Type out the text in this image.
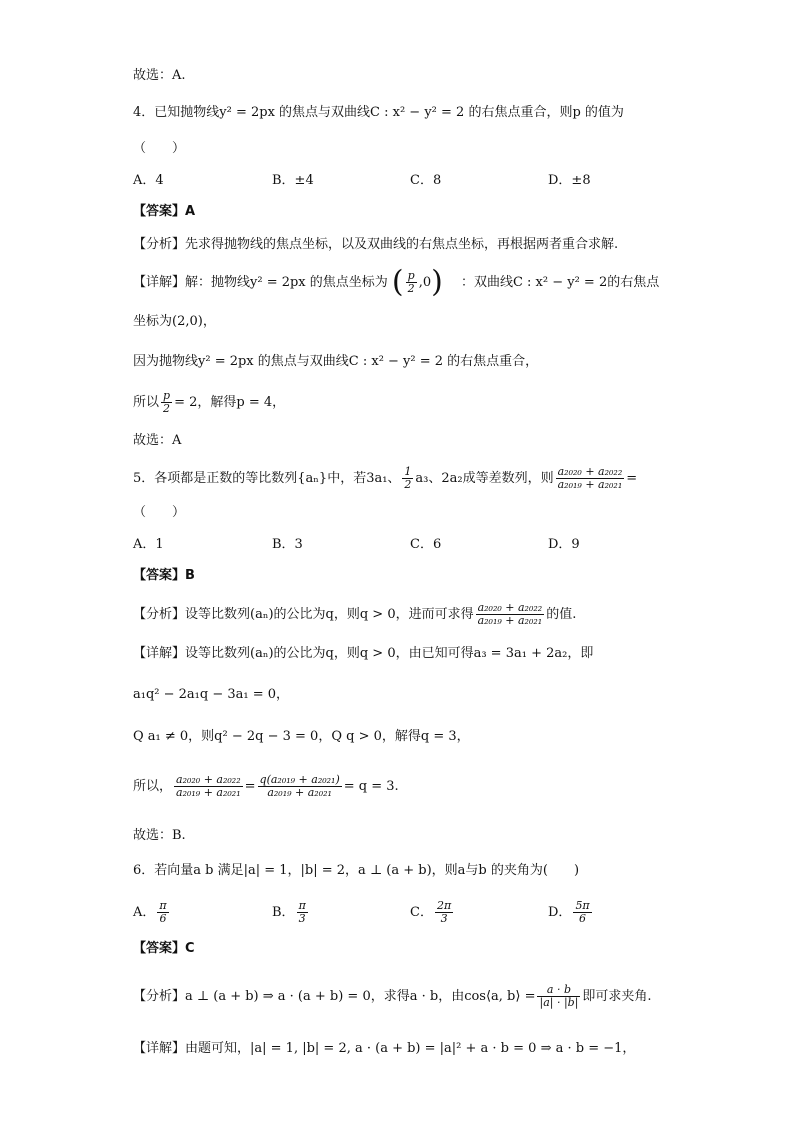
故选：A.
4．已知抛物线y² = 2px 的焦点与双曲线C : x² − y² = 2 的右焦点重合，则p 的值为
（　　）
A．4	B．±4	C．8	D．±8
【答案】A
【分析】先求得抛物线的焦点坐标，以及双曲线的右焦点坐标，再根据两者重合求解.
【详解】解：抛物线y² = 2px 的焦点坐标为 ( $\frac{p}{2} ,0$) ：双曲线C : x² − y² = 2的右焦点
坐标为(2,0)，
因为抛物线y² = 2px 的焦点与双曲线C : x² − y² = 2 的右焦点重合，
所以 $\frac{p}{2} = 2$，解得p = 4，
故选：A
5．各项都是正数的等比数列{aₙ}中，若3a₁、 $\frac{1}{2} a_3$、2a₂成等差数列，则 $\frac{\text{a₂₀₂₀ + a₂₀₂₂}}{\text{a₂₀₁₉ + a₂₀₂₁}}$ =
（　　）
A．1	B．3	C．6	D．9
【答案】B
【分析】设等比数列(aₙ)的公比为q，则q > 0，进而可求得 $\frac{\text{a₂₀₂₀ + a₂₀₂₂}}{\text{a₂₀₁₉ + a₂₀₂₁}}$ 的值.
【详解】设等比数列(aₙ)的公比为q，则q > 0，由已知可得a₃ = 3a₁ + 2a₂，即
a₁q² − 2a₁q − 3a₁ = 0，
Q a₁ ≠ 0，则q² − 2q − 3 = 0，Q q > 0，解得q = 3，
所以， $\frac{\text{a₂₀₂₀ + a₂₀₂₂}}{\text{a₂₀₁₉ + a₂₀₂₁}} = \frac{\text{q(a₂₀₁₉ + a₂₀₂₁)}}{\text{a₂₀₁₉ + a₂₀₂₁}} = q = 3$.
故选：B.
6．若向量a b 满足|a| = 1，|b| = 2，a ⊥ (a + b)，则a与b 的夹角为(　　)
A． $\frac{\pi}{6}$	B． $\frac{\pi}{3}$	C． $\frac{2\pi}{3}$	D． $\frac{5\pi}{6}$
【答案】C
【分析】a ⊥ (a + b) ⇒ a · (a + b) = 0，求得a · b，由cos⟨a, b⟩ = $\frac{a \cdot b}{|a| \cdot |b|}$ 即可求夹角.
【详解】由题可知，|a| = 1, |b| = 2, a · (a + b) = |a|² + a · b = 0 ⇒ a · b = −1，
